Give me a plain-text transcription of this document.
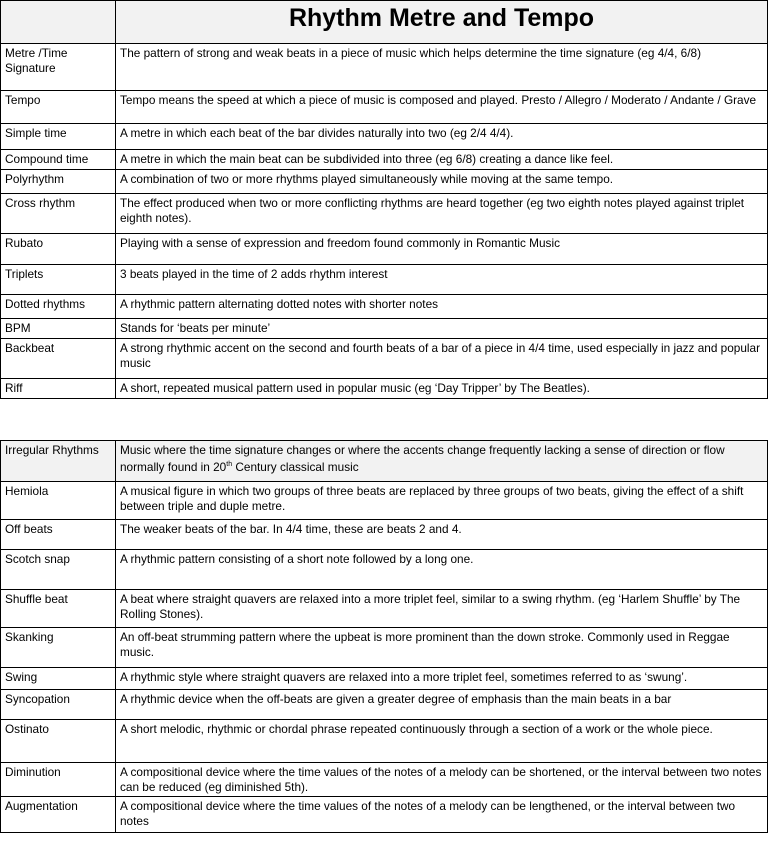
	Rhythm Metre and Tempo
Metre /Time Signature	The pattern of strong and weak beats in a piece of music which helps determine the time signature (eg 4/4, 6/8)
Tempo	Tempo means the speed at which a piece of music is composed and played. Presto / Allegro / Moderato / Andante / Grave
Simple time	A metre in which each beat of the bar divides naturally into two (eg 2/4 4/4).
Compound time	A metre in which the main beat can be subdivided into three (eg 6/8) creating a dance like feel.
Polyrhythm	A combination of two or more rhythms played simultaneously while moving at the same tempo.
Cross rhythm	The effect produced when two or more conflicting rhythms are heard together (eg two eighth notes played against triplet eighth notes).
Rubato	Playing with a sense of expression and freedom found commonly in Romantic Music
Triplets	3 beats played in the time of 2 adds rhythm interest
Dotted rhythms	A rhythmic pattern alternating dotted notes with shorter notes
BPM	Stands for ‘beats per minute’
Backbeat	A strong rhythmic accent on the second and fourth beats of a bar of a piece in 4/4 time, used especially in jazz and popular music
Riff	A short, repeated musical pattern used in popular music (eg ‘Day Tripper’ by The Beatles).
Irregular Rhythms	Music where the time signature changes or where the accents change frequently lacking a sense of direction or flow normally found in 20th Century classical music
Hemiola	A musical figure in which two groups of three beats are replaced by three groups of two beats, giving the effect of a shift between triple and duple metre.
Off beats	The weaker beats of the bar. In 4/4 time, these are beats 2 and 4.
Scotch snap	A rhythmic pattern consisting of a short note followed by a long one.
Shuffle beat	A beat where straight quavers are relaxed into a more triplet feel, similar to a swing rhythm. (eg ‘Harlem Shuffle’ by The Rolling Stones).
Skanking	An off-beat strumming pattern where the upbeat is more prominent than the down stroke. Commonly used in Reggae music.
Swing	A rhythmic style where straight quavers are relaxed into a more triplet feel, sometimes referred to as ‘swung’.
Syncopation	A rhythmic device when the off-beats are given a greater degree of emphasis than the main beats in a bar
Ostinato	A short melodic, rhythmic or chordal phrase repeated continuously through a section of a work or the whole piece.
Diminution	A compositional device where the time values of the notes of a melody can be shortened, or the interval between two notes can be reduced (eg diminished 5th).
Augmentation	A compositional device where the time values of the notes of a melody can be lengthened, or the interval between two notes
